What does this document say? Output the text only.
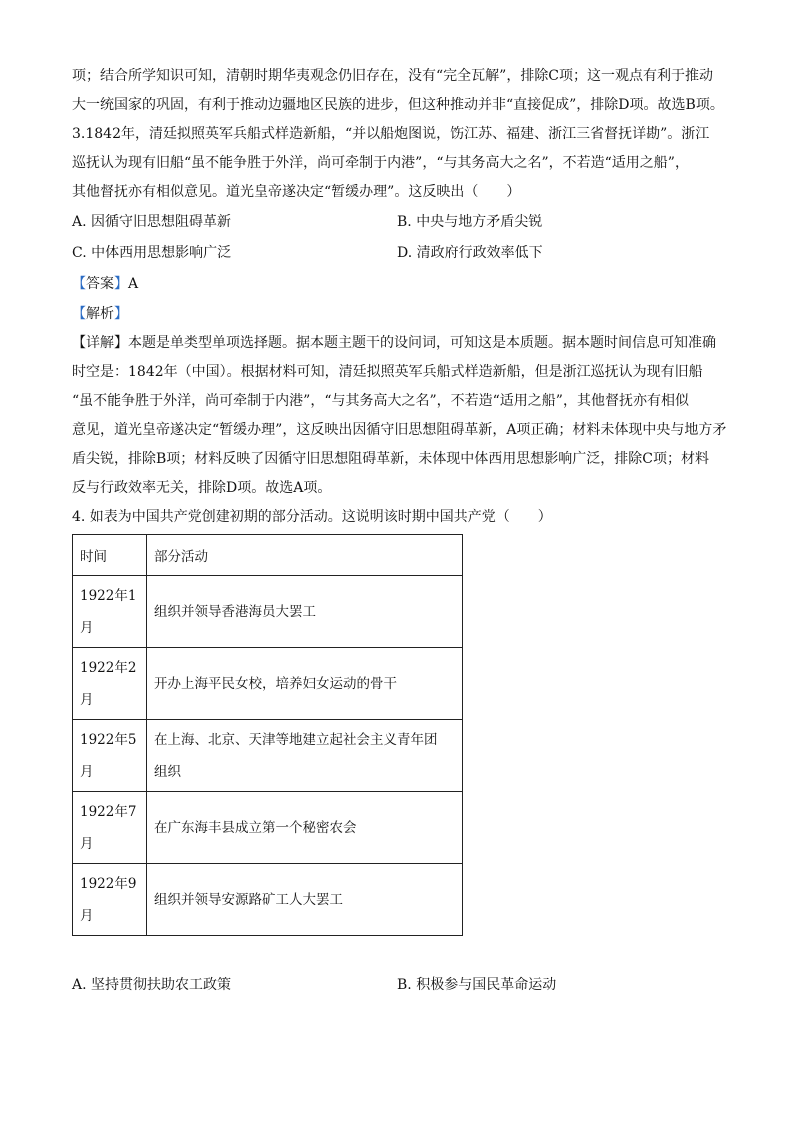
项；结合所学知识可知，清朝时期华夷观念仍旧存在，没有“完全瓦解”，排除C项；这一观点有利于推动
大一统国家的巩固，有利于推动边疆地区民族的进步，但这种推动并非“直接促成”，排除D项。故选B项。

3.1842年，清廷拟照英军兵船式样造新船，“并以船炮图说，饬江苏、福建、浙江三省督抚详勘”。浙江
巡抚认为现有旧船“虽不能争胜于外洋，尚可牵制于内港”，“与其务高大之名”，不若造“适用之船”，
其他督抚亦有相似意见。道光皇帝遂决定“暂缓办理”。这反映出（　　）

A. 因循守旧思想阻碍革新	B. 中央与地方矛盾尖锐
C. 中体西用思想影响广泛	D. 清政府行政效率低下
【答案】A
【解析】

【详解】本题是单类型单项选择题。据本题主题干的设问词，可知这是本质题。据本题时间信息可知准确
时空是：1842年（中国）。根据材料可知，清廷拟照英军兵船式样造新船，但是浙江巡抚认为现有旧船
“虽不能争胜于外洋，尚可牵制于内港”，“与其务高大之名”，不若造“适用之船”，其他督抚亦有相似
意见，道光皇帝遂决定“暂缓办理”，这反映出因循守旧思想阻碍革新，A项正确；材料未体现中央与地方矛
盾尖锐，排除B项；材料反映了因循守旧思想阻碍革新，未体现中体西用思想影响广泛，排除C项；材料
反与行政效率无关，排除D项。故选A项。

4. 如表为中国共产党创建初期的部分活动。这说明该时期中国共产党（　　）
时间	部分活动
1922年1
月	组织并领导香港海员大罢工
1922年2
月	开办上海平民女校，培养妇女运动的骨干
1922年5
月	在上海、北京、天津等地建立起社会主义青年团
组织
1922年7
月	在广东海丰县成立第一个秘密农会
1922年9
月	组织并领导安源路矿工人大罢工
A. 坚持贯彻扶助农工政策	B. 积极参与国民革命运动
